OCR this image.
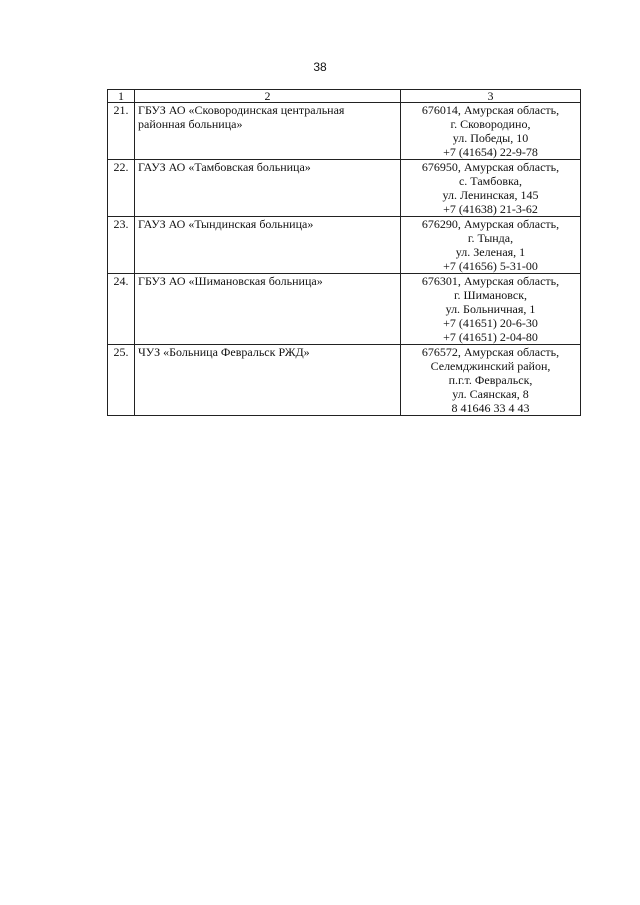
38
1	2	3
21.	ГБУЗ АО «Сковородинская центральная
районная больница»	676014, Амурская область,
г. Сковородино,
ул. Победы, 10
+7 (41654) 22-9-78

22.	ГАУЗ АО «Тамбовская больница»	676950, Амурская область,
с. Тамбовка,
ул. Ленинская, 145
+7 (41638) 21-3-62

23.	ГАУЗ АО «Тындинская больница»	676290, Амурская область,
г. Тында,
ул. Зеленая, 1
+7 (41656) 5-31-00

24.	ГБУЗ АО «Шимановская больница»	676301, Амурская область,
г. Шимановск,
ул. Больничная, 1
+7 (41651) 20-6-30
+7 (41651) 2-04-80

25.	ЧУЗ «Больница Февральск РЖД»	676572, Амурская область,
Селемджинский район,
п.г.т. Февральск,
ул. Саянская, 8
8 41646 33 4 43
